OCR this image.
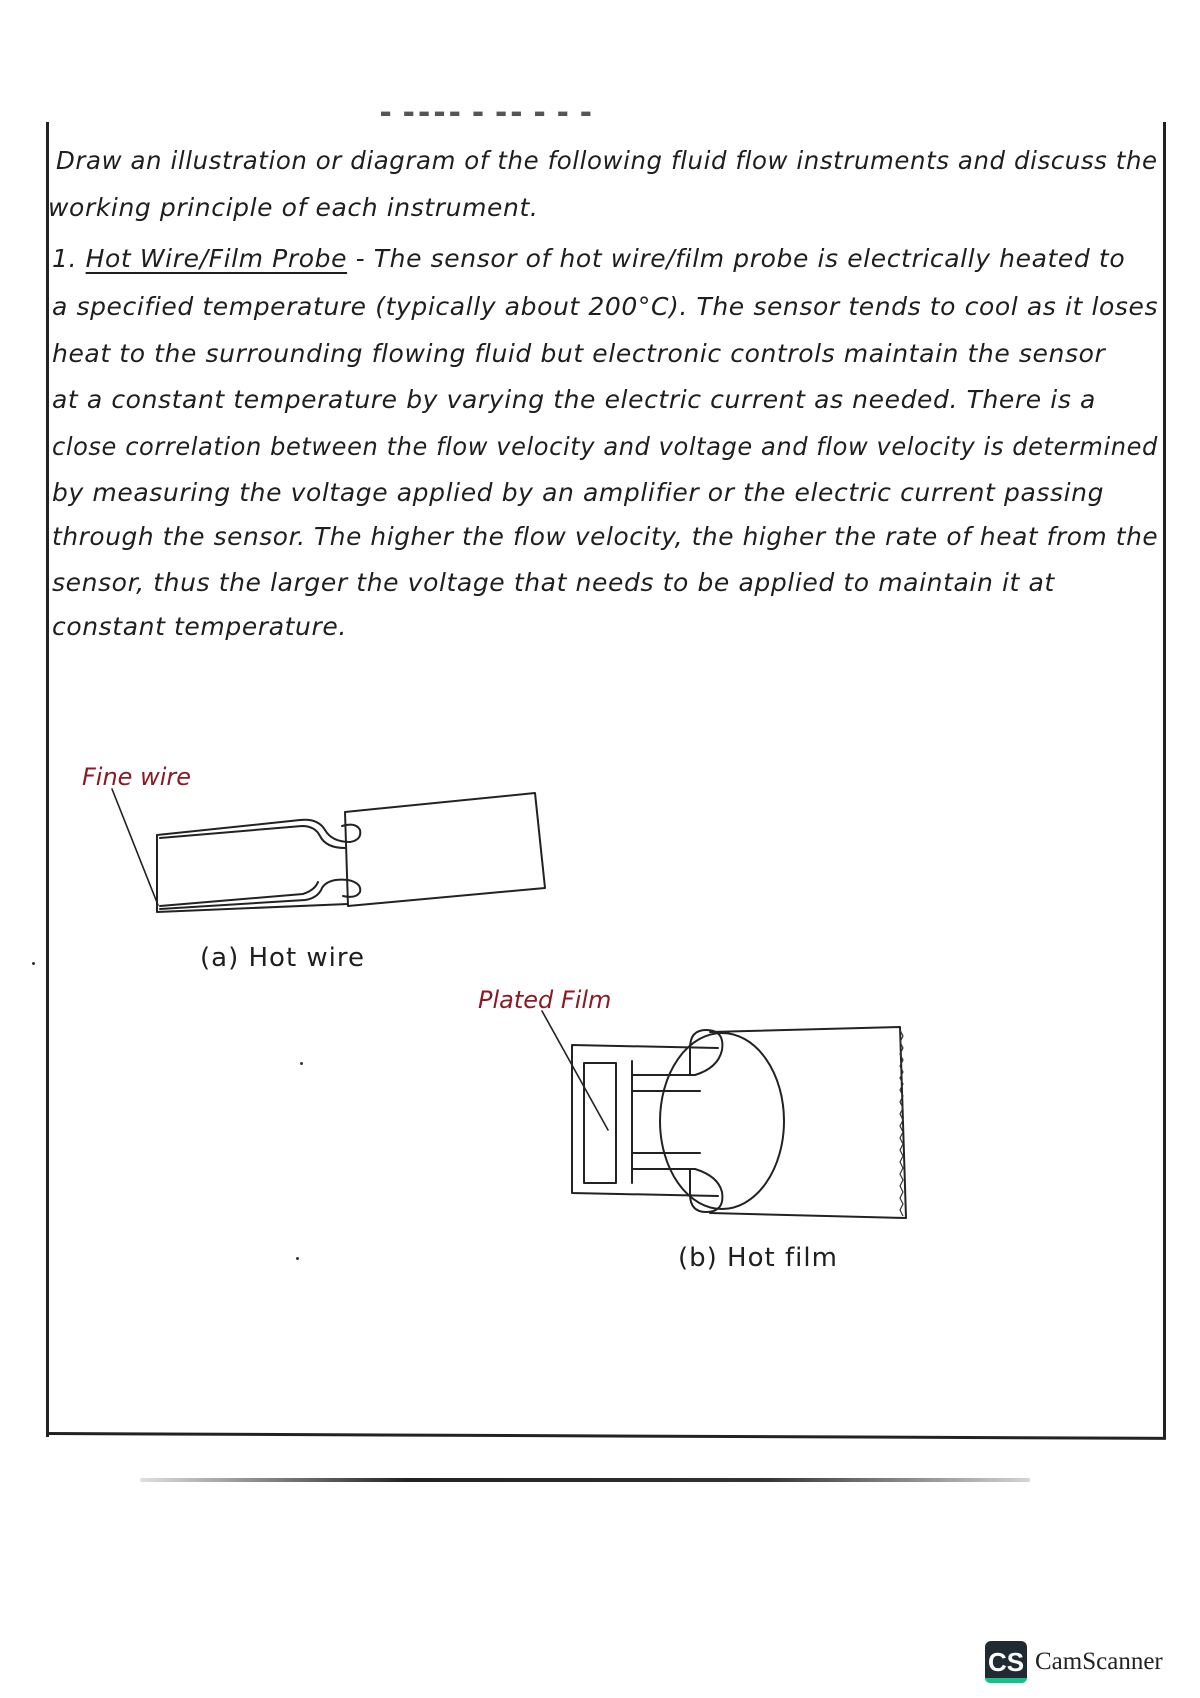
▬ ▬▬▬▬ ▬ ▬▬ ▬ ▬ ▬
Draw an illustration or diagram of the following fluid flow instruments and discuss the
working principle of each instrument.
1. Hot Wire/Film Probe - The sensor of hot wire/film probe is electrically heated to
a specified temperature (typically about 200°C). The sensor tends to cool as it loses
heat to the surrounding flowing fluid but electronic controls maintain the sensor
at a constant temperature by varying the electric current as needed. There is a
close correlation between the flow velocity and voltage and flow velocity is determined
by measuring the voltage applied by an amplifier or the electric current passing
through the sensor. The higher the flow velocity, the higher the rate of heat from the
sensor, thus the larger the voltage that needs to be applied to maintain it at
constant temperature.
Fine wire
(a) Hot wire
Plated Film
(b) Hot film
CS CamScanner
